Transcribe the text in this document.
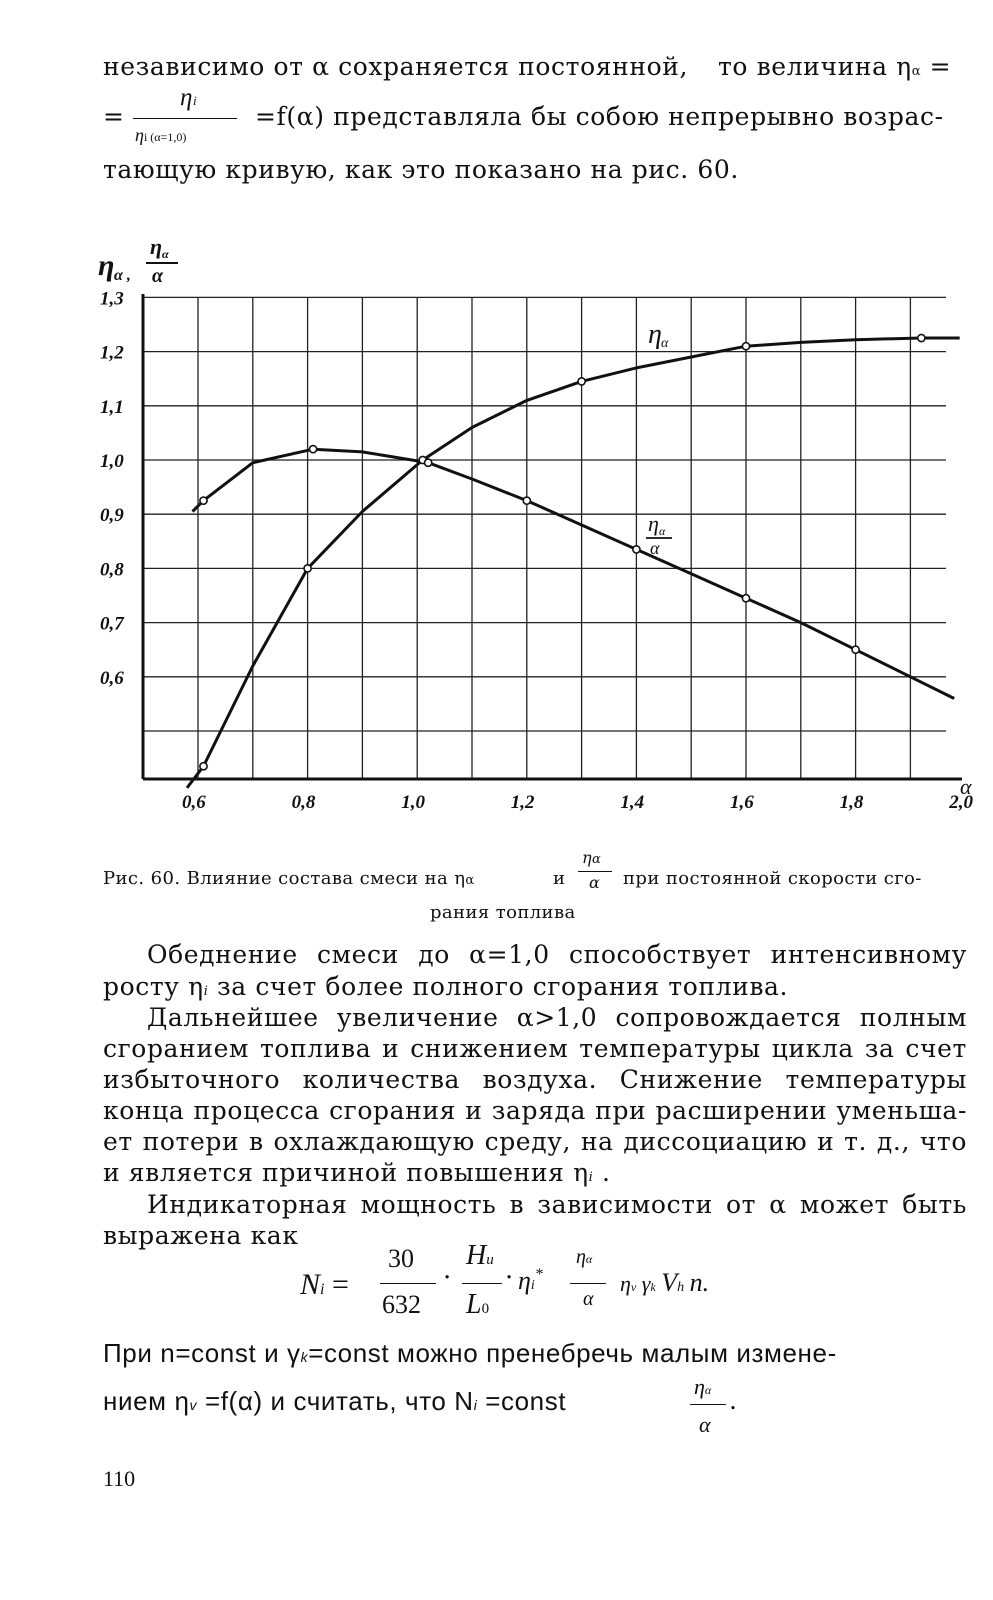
независимо от α сохраняется постоянной, то величина ηα =
=
ηi
ηi (α=1,0)
=f(α) представляла бы собою непрерывно возрас-
тающую кривую, как это показано на рис. 60.
1,3
1,2
1,1
1,0
0,9
0,8
0,7
0,6
0,6	0,8	1,0	1,2	1,4	1,6	1,8	2,0
α
η α ,
η α
α
η α
η α
α
Рис. 60. Влияние состава смеси на ηα	и
ηα
α при постоянной скорости сго-
рания топлива
Обеднение смеси до α=1,0 способствует интенсивному
росту ηi за счет более полного сгорания топлива.
Дальнейшее увеличение α>1,0 сопровождается полным
сгоранием топлива и снижением температуры цикла за счет
избыточного количества воздуха. Снижение температуры
конца процесса сгорания и заряда при расширении уменьша-
ет потери в охлаждающую среду, на диссоциацию и т. д., что
и является причиной повышения ηi .
Индикаторная мощность в зависимости от α может быть
выражена как
Ni =
30
632
·
Hu
L0
· ηi*
ηα
α
ηv γk Vh n.
При n=const и γk=const можно пренебречь малым измене-
нием ηv =f(α) и считать, что Ni =const	ηα
α
.
110
